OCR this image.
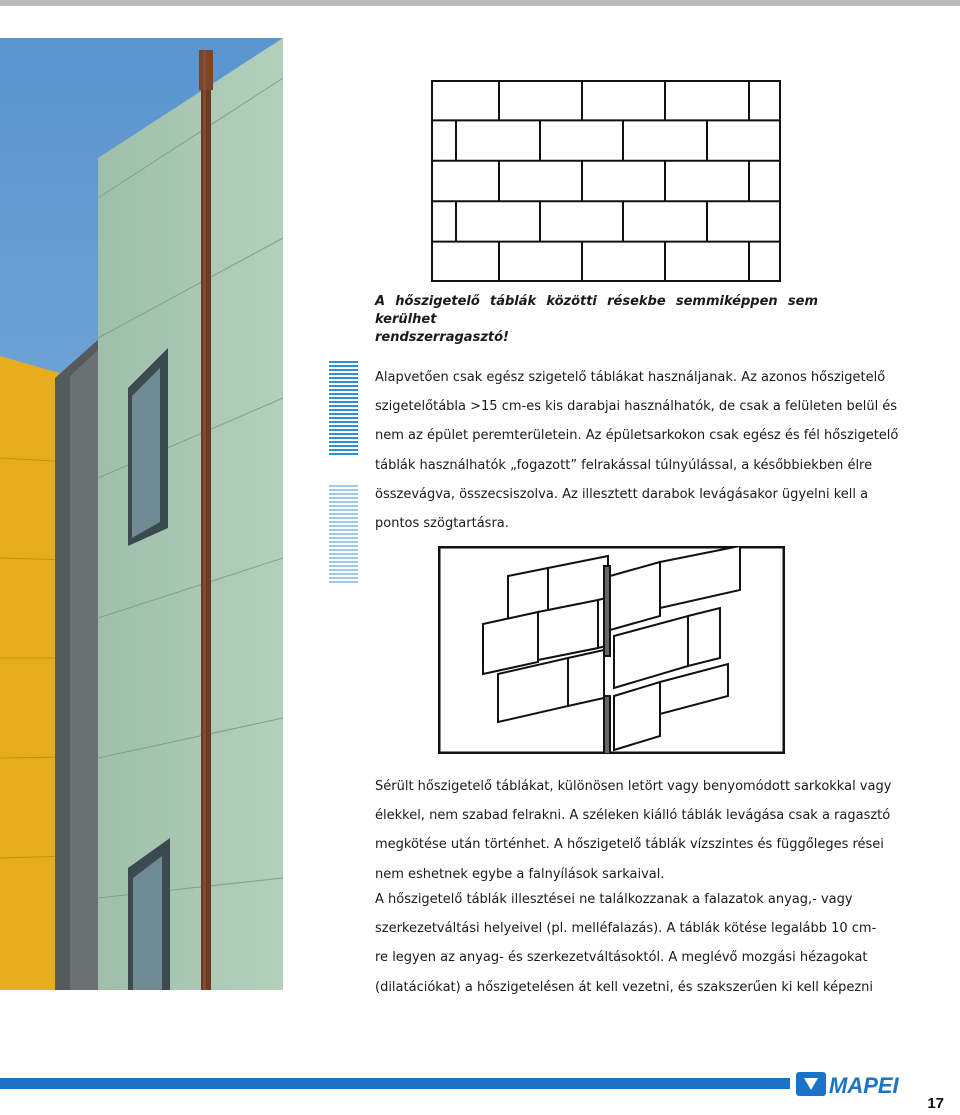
A hőszigetelő táblák közötti résekbe semmiképpen sem kerülhet
rendszerragasztó!
Alapvetően csak egész szigetelő táblákat használjanak. Az azonos hőszigetelő
szigetelőtábla >15 cm-es kis darabjai használhatók, de csak a felületen belül és
nem az épület peremterületein. Az épületsarkokon csak egész és fél hőszigetelő
táblák használhatók „fogazott” felrakással túlnyúlással, a későbbiekben élre
összevágva, összecsiszolva. Az illesztett darabok levágásakor ügyelni kell a
pontos szögtartásra.
Sérült hőszigetelő táblákat, különösen letört vagy benyomódott sarkokkal vagy
élekkel, nem szabad felrakni. A széleken kiálló táblák levágása csak a ragasztó
megkötése után történhet. A hőszigetelő táblák vízszintes és függőleges rései
nem eshetnek egybe a falnyílások sarkaival.
A hőszigetelő táblák illesztései ne találkozzanak a falazatok anyag,- vagy
szerkezetváltási helyeivel (pl. melléfalazás). A táblák kötése legalább 10 cm-
re legyen az anyag- és szerkezetváltásoktól. A meglévő mozgási hézagokat
(dilatációkat) a hőszigetelésen át kell vezetni, és szakszerűen ki kell képezni
MAPEI
17
